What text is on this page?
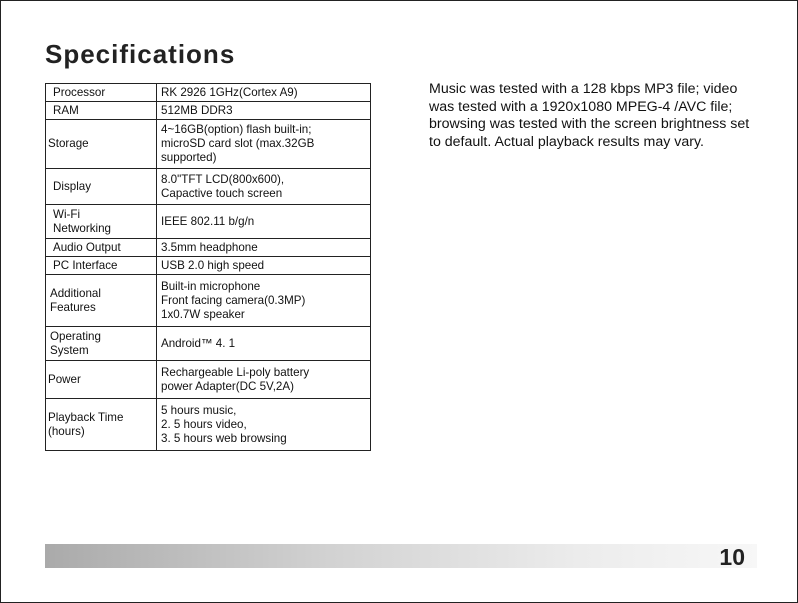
Specifications
Processor	RK 2926 1GHz(Cortex A9)
RAM	512MB DDR3
Storage	4~16GB(option) flash built-in;
microSD card slot (max.32GB
supported)
Display	8.0"TFT LCD(800x600),
Capactive touch screen
Wi-Fi
Networking	IEEE 802.11 b/g/n
Audio Output	3.5mm headphone
PC Interface	USB 2.0 high speed
Additional
Features	Built-in microphone
Front facing camera(0.3MP)
1x0.7W speaker
Operating
System	Android™ 4. 1
Power	Rechargeable Li-poly battery
power Adapter(DC 5V,2A)
Playback Time
(hours)	5 hours music,
2. 5 hours video,
3. 5 hours web browsing
Music was tested with a 128 kbps MP3 file; video was tested with a 1920x1080 MPEG-4 /AVC file; browsing was tested with the screen brightness set to default. Actual playback results may vary.
10
